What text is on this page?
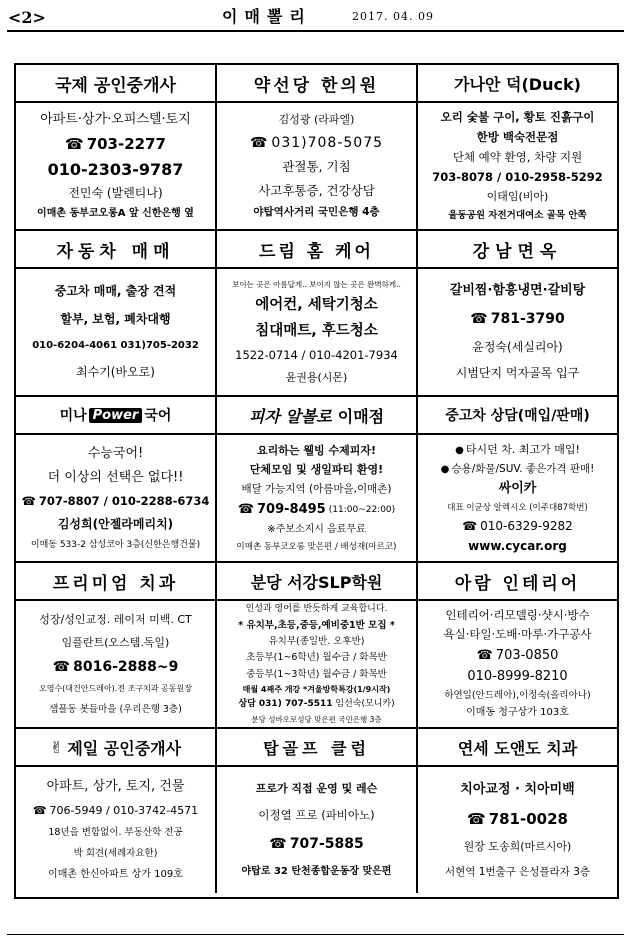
<2>	이매뽈리	2017. 04. 09
국제 공인중개사
아파트·상가·오피스텔·토지
☎ 703-2277
010-2303-9787
전민숙 (발렌티나)
이매촌 동부코오롱A 앞 신한은행 옆
약선당 한의원
김성광 (라파엘)
☎ 031)708-5075
관절통, 기침
사고후통증, 건강상담
야탑역사거리 국민은행 4층
가나안 덕(Duck)
오리 숯불 구이, 황토 진흙구이
한방 백숙전문점
단체 예약 환영, 차량 지원
703-8078 / 010-2958-5292
이태임(비아)
율동공원 자전거대여소 골목 안쪽
자동차 매매
중고차 매매, 출장 견적
할부, 보험, 폐차대행
010-6204-4061 031)705-2032
최수기(바오로)
드림 홈 케어
보이는 곳은 아름답게.. 보이지 않는 곳은 완벽하게..
에어컨, 세탁기청소
침대매트, 후드청소
1522-0714 / 010-4201-7934
윤권용(시몬)
강남면옥
갈비찜·함흥냉면·갈비탕
☎ 781-3790
윤정숙(세실리아)
시범단지 먹자골목 입구
미나 Power 국어
수능국어!
더 이상의 선택은 없다!!
☎ 707-8807 / 010-2288-6734
김성희(안젤라메리치)
이매동 533-2 삼성코아 3층(신한은행건물)
피자 알볼로 이매점
요리하는 웰빙 수제피자!
단체모임 및 생일파티 환영!
배달 가능지역 (아름마을,이매촌)
☎ 709-8495 (11:00~22:00)
※주보소지시 음료무료
이매촌 동부코오롱 맞은편 / 배성재(마르코)
중고차 상담(매입/판매)
● 타시던 차. 최고가 매입!
● 승용/화물/SUV. 좋은가격 판매!
싸이카
대표 이균상 알렉시오 (이주대87학번)
☎ 010-6329-9282
www.cycar.org
프리미엄 치과
성장/성인교정. 레이저 미백. CT
임플란트(오스템.독일)
☎ 8016-2888~9
오영수(대건안드레아).전 조구치과 공동원장
샘플동 봇들마을 (우리은행 3층)
분당 서강SLP학원
인성과 영어를 반듯하게 교육합니다.
* 유치부,초등,중등,예비중1반 모집 *
유치부(종일반. 오후반)
초등부(1~6학년) 월수금 / 화목반
중등부(1~3학년) 월수금 / 화목반
매월 4째주 개강 *겨울방학특강(1/9시작)
상담 031) 707-5511 임선숙(모니카)
분당 성바오로성당 맞은편 국민은행 3층
아람 인테리어
인테리어·리모델링·샷시·방수
욕실·타일·도배·마루·가구공사
☎ 703-0850
010-8999-8210
하연일(안드레아),이정숙(올리아나)
이매동 청구상가 103호
✌ 제일 공인중개사
아파트, 상가, 토지, 건물
☎ 706-5949 / 010-3742-4571
18년을 변함없이. 부동산학 전공
박 회견(세례자요한)
이매촌 한신아파트 상가 109호
탑골프 클럽
프로가 직접 운영 및 레슨
이정열 프로 (파비아노)
☎ 707-5885
야탑로 32 탄천종합운동장 맞은편
연세 도앤도 치과
치아교정 · 치아미백
☎ 781-0028
원장 도송희(마르시아)
서현역 1번출구 은성플라자 3층
